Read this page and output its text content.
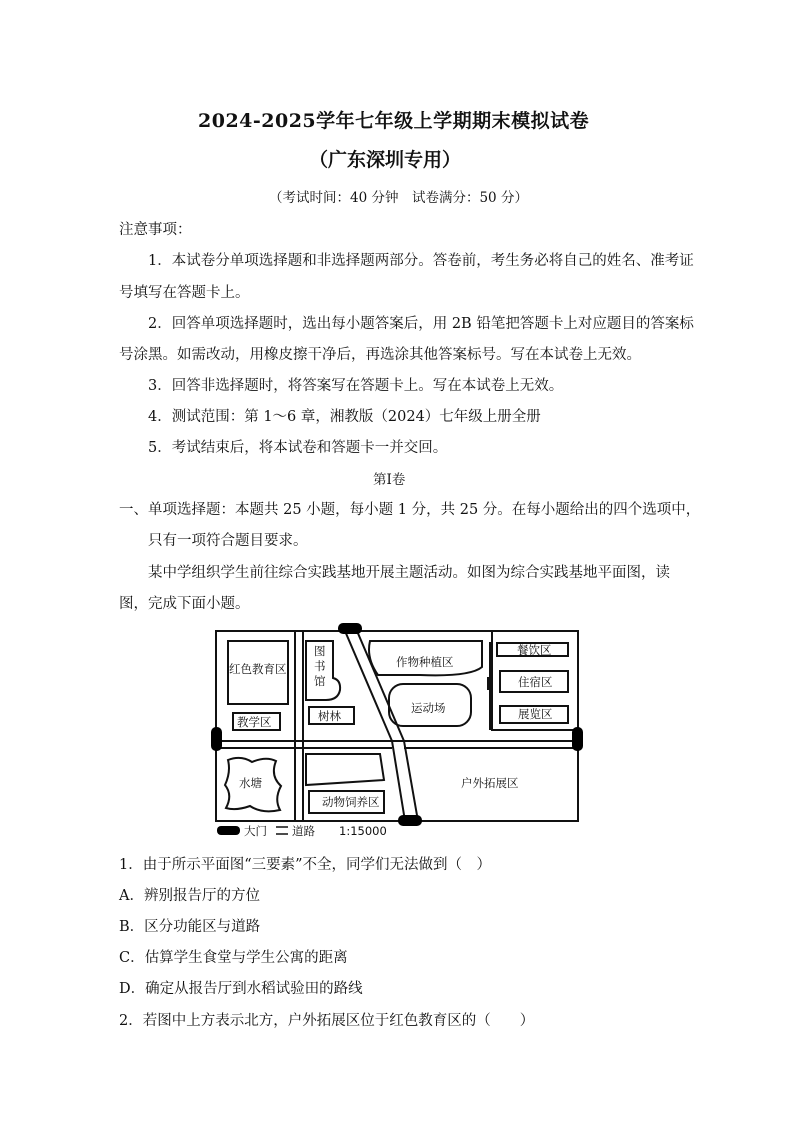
2024-2025学年七年级上学期期末模拟试卷
（广东深圳专用）
（考试时间：40 分钟　试卷满分：50 分）
注意事项：
1．本试卷分单项选择题和非选择题两部分。答卷前，考生务必将自己的姓名、准考证
号填写在答题卡上。
2．回答单项选择题时，选出每小题答案后，用 2B 铅笔把答题卡上对应题目的答案标
号涂黑。如需改动，用橡皮擦干净后，再选涂其他答案标号。写在本试卷上无效。
3．回答非选择题时，将答案写在答题卡上。写在本试卷上无效。
4．测试范围：第 1～6 章，湘教版（2024）七年级上册全册
5．考试结束后，将本试卷和答题卡一并交回。
第Ⅰ卷
一、单项选择题：本题共 25 小题，每小题 1 分，共 25 分。在每小题给出的四个选项中，
只有一项符合题目要求。
某中学组织学生前往综合实践基地开展主题活动。如图为综合实践基地平面图，读
图，完成下面小题。
红色教育区
教学区
图
书
馆
作物种植区
运动场
树林
餐饮区
住宿区
展览区
水塘
动物饲养区
户外拓展区
大门 道路 1:15000
1．由于所示平面图“三要素”不全，同学们无法做到（　）
A．辨别报告厅的方位
B．区分功能区与道路
C．估算学生食堂与学生公寓的距离
D．确定从报告厅到水稻试验田的路线
2．若图中上方表示北方，户外拓展区位于红色教育区的（　　）
